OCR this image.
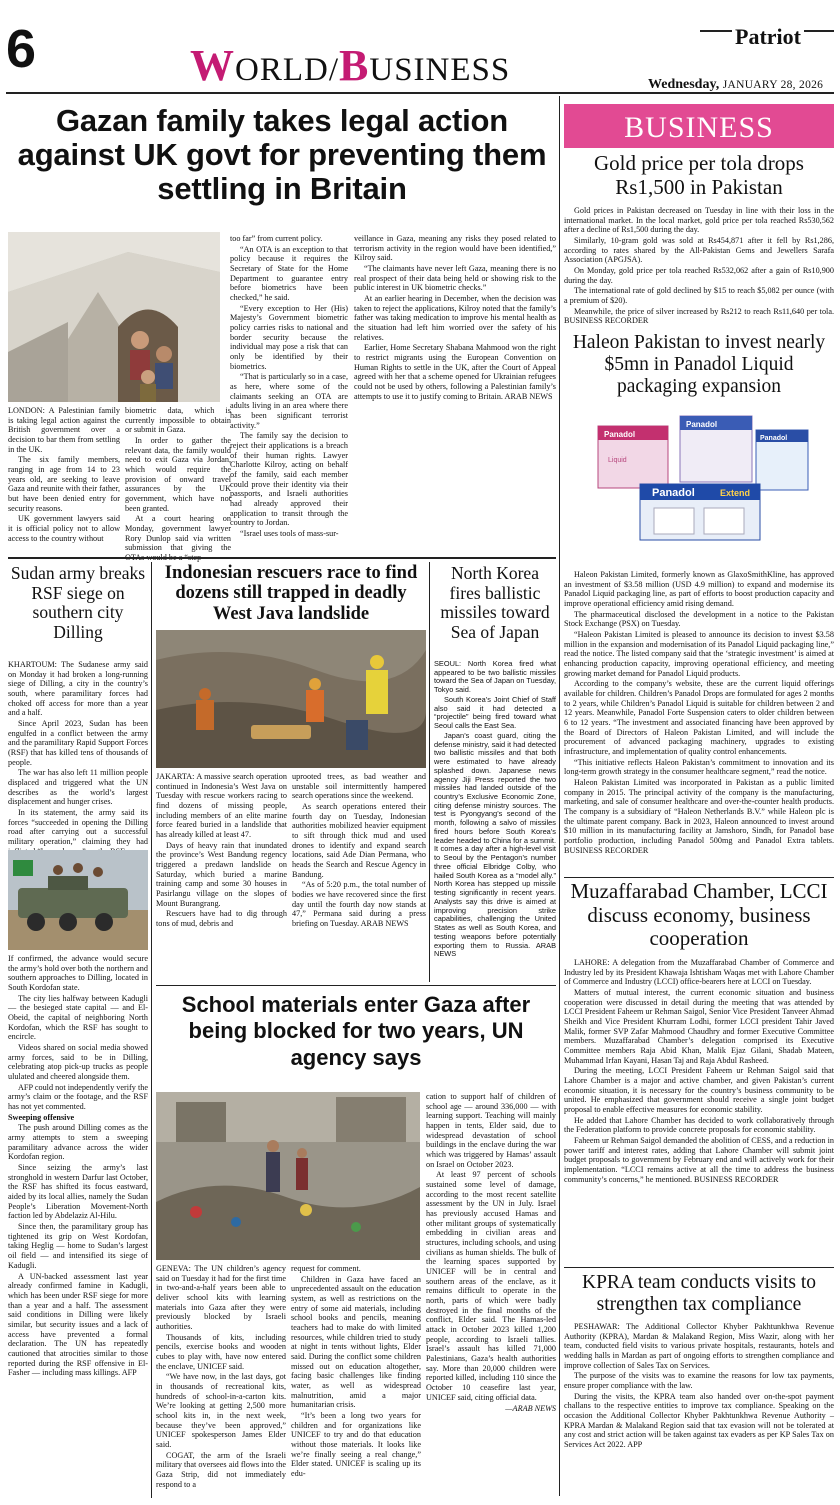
6	WORLD/BUSINESS
Patriot
Wednesday, JANUARY 28, 2026
Gazan family takes legal action against UK govt for preventing them settling in Britain

LONDON: A Palestinian family is taking legal action against the British government over a decision to bar them from settling in the UK.

The six family members, ranging in age from 14 to 23 years old, are seeking to leave Gaza and reunite with their father, but have been denied entry for security reasons.

UK government lawyers said it is official policy not to allow access to the country without

biometric data, which is currently impossible to obtain or submit in Gaza.

In order to gather the relevant data, the family would need to exit Gaza via Jordan, which would require the provision of onward travel assurances by the UK government, which have not been granted.

At a court hearing on Monday, government lawyer Rory Dunlop said via written submission that giving the

too far” from current policy.

“An OTA is an exception to that policy because it requires the Secretary of State for the Home Department to guarantee entry before biometrics have been checked,” he said.

“Every exception to Her (His) Majesty’s Government biometric policy carries risks to national and border security because the individual may pose a risk that can only be identified by their biometrics.

“That is particularly so in a case, as here, where some of the claimants seeking an OTA are adults living in an area where there has been significant terrorist activity.”

The family say the decision to reject their applications is a breach of their human rights. Lawyer Charlotte Kilroy, acting on behalf of the family, said each member could prove their identity via their passports, and Israeli authorities had already approved their application to transit through the country to Jordan.

“Israel uses tools of mass-sur-

veillance in Gaza, meaning any risks they posed related to terrorism activity in the region would have been identified,” Kilroy said.

“The claimants have never left Gaza, meaning there is no real prospect of their data being held or showing risk to the public interest in UK biometric checks.”

At an earlier hearing in December, when the decision was taken to reject the applications, Kilroy noted that the family’s father was taking medication to improve his mental health as the situation had left him worried over the safety of his relatives.

Earlier, Home Secretary Shabana Mahmood won the right to restrict migrants using the European Convention on Human Rights to settle in the UK, after the Court of Appeal agreed with her that a scheme opened for Ukrainian refugees could not be used by others, following a Palestinian family’s attempts to use it to justify coming to Britain. ARAB NEWS

Sudan army breaks RSF siege on southern city Dilling

KHARTOUM: The Sudanese army said on Monday it had broken a long-running siege of Dilling, a city in the country’s south, where paramilitary forces had choked off access for more than a year and a half.

Since April 2023, Sudan has been engulfed in a conflict between the army and the paramilitary Rapid Support Forces (RSF) that has killed tens of thousands of people.

The war has also left 11 million people displaced and triggered what the UN describes as the world’s largest displacement and hunger crises.

In its statement, the army said its forces “succeeded in opening the Dilling road after carrying out a successful military operation,” claiming they had

If confirmed, the advance would secure the army’s hold over both the northern and southern approaches to Dilling, located in South Kordofan state.

The city lies halfway between Kadugli — the besieged state capital — and El-Obeid, the capital of neighboring North Kordofan, which the RSF has sought to encircle.

Videos shared on social media showed army forces, said to be in Dilling, celebrating atop pick-up trucks as people ululated and cheered alongside them.

AFP could not independently verify the army’s claim or the footage, and the RSF has not yet commented.

Sweeping offensive

The push around Dilling comes as the army attempts to stem a sweeping paramilitary advance across the wider Kordofan region.

Since seizing the army’s last stronghold in western Darfur last October, the RSF has shifted its focus eastward, aided by its local allies, namely the Sudan People’s Liberation Movement-North faction led by Abdelaziz Al-Hilu.

Since then, the paramilitary group has tightened its grip on West Kordofan, taking Heglig — home to Sudan’s largest oil field — and intensified its siege of Kadugli.

A UN-backed assessment last year already confirmed famine in Kadugli, which has been under RSF siege for more than a year and a half. The assessment said conditions in Dilling were likely similar, but security issues and a lack of access have prevented a formal declaration. The UN has repeatedly cautioned that atrocities similar to those reported during the RSF offensive in El-Fasher — including mass killings. AFP

Indonesian rescuers race to find dozens still trapped in deadly West Java landslide

JAKARTA: A massive search operation continued in Indonesia’s West Java on Tuesday with rescue workers racing to find dozens of missing people, including members of an elite marine force feared buried in a landslide that has already killed at least 47.

Days of heavy rain that inundated the province’s West Bandung regency triggered a predawn landslide on Saturday, which buried a marine training camp and some 30 houses in Pasirlangu village on the slopes of Mount Burangrang.

Rescuers have had to dig through tons of mud, debris and

uprooted trees, as bad weather and unstable soil intermittently hampered search operations since the weekend.

As search operations entered their fourth day on Tuesday, Indonesian authorities mobilized heavier equipment to sift through thick mud and used drones to identify and expand search locations, said Ade Dian Permana, who heads the Search and Rescue Agency in Bandung.

“As of 5:20 p.m., the total number of bodies we have recovered since the first day until the fourth day now stands at 47,” Permana said during a press briefing on Tuesday. ARAB NEWS

North Korea fires ballistic missiles toward Sea of Japan

SEOUL: North Korea fired what appeared to be two ballistic missiles toward the Sea of Japan on Tuesday, Tokyo said.

South Korea’s Joint Chief of Staff also said it had detected a “projectile” being fired toward what Seoul calls the East Sea.

Japan’s coast guard, citing the defense ministry, said it had detected two ballistic missiles and that both were estimated to have already splashed down. Japanese news agency Jiji Press reported the two missiles had landed outside of the country’s Exclusive Economic Zone, citing defense ministry sources. The test is Pyongyang’s second of the month, following a salvo of missiles fired hours before South Korea’s leader headed to China for a summit. It comes a day after a high-level visit to Seoul by the Pentagon’s number three official Elbridge Colby, who hailed South Korea as a “model ally.” North Korea has stepped up missile testing significantly in recent years. Analysts say this drive is aimed at improving precision strike capabilities, challenging the United States as well as South Korea, and testing weapons before potentially exporting them to Russia. ARAB NEWS

School materials enter Gaza after being blocked for two years, UN agency says

GENEVA: The UN children’s agency said on Tuesday it had for the first time in two-and-a-half years been able to deliver school kits with learning materials into Gaza after they were previously blocked by Israeli authorities.

Thousands of kits, including pencils, exercise books and wooden cubes to play with, have now entered the enclave, UNICEF said.

“We have now, in the last days, got in thousands of recreational kits, hundreds of school-in-a-carton kits. We’re looking at getting 2,500 more school kits in, in the next week, because they’ve been approved,” UNICEF spokesperson James Elder said.

COGAT, the arm of the Israeli military that oversees aid flows into the Gaza Strip, did not immediately respond to a

request for comment.

Children in Gaza have faced an unprecedented assault on the education system, as well as restrictions on the entry of some aid materials, including school books and pencils, meaning teachers had to make do with limited resources, while children tried to study at night in tents without lights, Elder said. During the conflict some children missed out on education altogether, facing basic challenges like finding water, as well as widespread malnutrition, amid a major humanitarian crisis.

“It’s been a long two years for children and for organizations like UNICEF to try and do that education without those materials. It looks like we’re finally seeing a real change,” Elder stated. UNICEF is scaling up its edu-

cation to support half of children of school age — around 336,000 — with learning support. Teaching will mainly happen in tents, Elder said, due to widespread devastation of school buildings in the enclave during the war which was triggered by Hamas’ assault on Israel on October 2023.

At least 97 percent of schools sustained some level of damage, according to the most recent satellite assessment by the UN in July. Israel has previously accused Hamas and other militant groups of systematically embedding in civilian areas and structures, including schools, and using civilians as human shields. The bulk of the learning spaces supported by UNICEF will be in central and southern areas of the enclave, as it remains difficult to operate in the north, parts of which were badly destroyed in the final months of the conflict, Elder said. The Hamas-led attack in October 2023 killed 1,200 people, according to Israeli tallies. Israel’s assault has killed 71,000 Palestinians, Gaza’s health authorities say. More than 20,000 children were reported killed, including 110 since the October 10 ceasefire last year, UNICEF said, citing official data.

—ARAB NEWS

BUSINESS
Gold price per tola drops Rs1,500 in Pakistan

Gold prices in Pakistan decreased on Tuesday in line with their loss in the international market. In the local market, gold price per tola reached Rs530,562 after a decline of Rs1,500 during the day.

Similarly, 10-gram gold was sold at Rs454,871 after it fell by Rs1,286, according to rates shared by the All-Pakistan Gems and Jewellers Sarafa Association (APGJSA).

On Monday, gold price per tola reached Rs532,062 after a gain of Rs10,900 during the day.

The international rate of gold declined by $15 to reach $5,082 per ounce (with a premium of $20).

Meanwhile, the price of silver increased by Rs212 to reach Rs11,640 per tola. BUSINESS RECORDER

Haleon Pakistan to invest nearly $5mn in Panadol Liquid packaging expansion
Panadol	Extend
Panadol
Panadol
Panadol
Liquid

Haleon Pakistan Limited, formerly known as GlaxoSmithKline, has approved an investment of $3.58 million (USD 4.9 million) to expand and modernise its Panadol Liquid packaging line, as part of efforts to boost production capacity and improve operational efficiency amid rising demand.

The pharmaceutical disclosed the development in a notice to the Pakistan Stock Exchange (PSX) on Tuesday.

“Haleon Pakistan Limited is pleased to announce its decision to invest $3.58 million in the expansion and modernisation of its Panadol Liquid packaging line,” read the notice. The listed company said that the ‘strategic investment’ is aimed at enhancing production capacity, improving operational efficiency, and meeting growing market demand for Panadol Liquid products.

According to the company’s website, these are the current liquid offerings available for children. Children’s Panadol Drops are formulated for ages 2 months to 2 years, while Children’s Panadol Liquid is suitable for children between 2 and 12 years. Meanwhile, Panadol Forte Suspension caters to older children between 6 to 12 years. “The investment and associated financing have been approved by the Board of Directors of Haleon Pakistan Limited, and will include the procurement of advanced packaging machinery, upgrades to existing infrastructure, and implementation of quality control enhancements.

“This initiative reflects Haleon Pakistan’s commitment to innovation and its long-term growth strategy in the consumer healthcare segment,” read the notice.

Haleon Pakistan Limited was incorporated in Pakistan as a public limited company in 2015. The principal activity of the company is the manufacturing, marketing, and sale of consumer healthcare and over-the-counter health products. The company is a subsidiary of “Haleon Netherlands B.V.” while Haleon plc is the ultimate parent company. Back in 2023, Haleon announced to invest around $10 million in its manufacturing facility at Jamshoro, Sindh, for Panadol base portfolio production, including Panadol 500mg and Panadol Extra tablets. BUSINESS RECORDER

Muzaffarabad Chamber, LCCI discuss economy, business cooperation

LAHORE: A delegation from the Muzaffarabad Chamber of Commerce and Industry led by its President Khawaja Ishtisham Waqas met with Lahore Chamber of Commerce and Industry (LCCI) office-bearers here at LCCI on Tuesday.

Matters of mutual interest, the current economic situation and business cooperation were discussed in detail during the meeting that was attended by LCCI President Faheem ur Rehman Saigol, Senior Vice President Tanveer Ahmad Sheikh and Vice President Khurram Lodhi, former LCCI president Tahir Javed Malik, former SVP Zafar Mahmood Chaudhry and former Executive Committee members. Muzaffarabad Chamber’s delegation comprised its Executive Committee members Raja Abid Khan, Malik Ejaz Gilani, Shadab Mateen, Muhammad Irfan Kayani, Hasan Taj and Raja Abdul Rasheed.

During the meeting, LCCI President Faheem ur Rehman Saigol said that Lahore Chamber is a major and active chamber, and given Pakistan’s current economic situation, it is necessary for the country’s business community to be united. He emphasized that government should receive a single joint budget proposal to enable effective measures for economic stability.

He added that Lahore Chamber has decided to work collaboratively through the Federation platform to provide concrete proposals for economic stability.

Faheem ur Rehman Saigol demanded the abolition of CESS, and a reduction in power tariff and interest rates, adding that Lahore Chamber will submit joint budget proposals to government by February end and will actively work for their implementation. “LCCI remains active at all the time to address the business community’s concerns,” he mentioned. BUSINESS RECORDER

KPRA team conducts visits to strengthen tax compliance

PESHAWAR: The Additional Collector Khyber Pakhtunkhwa Revenue Authority (KPRA), Mardan & Malakand Region, Miss Wazir, along with her team, conducted field visits to various private hospitals, restaurants, hotels and wedding halls in Mardan as part of ongoing efforts to strengthen compliance and improve collection of Sales Tax on Services.

The purpose of the visits was to examine the reasons for low tax payments, ensure proper compliance with the law.

During the visits, the KPRA team also handed over on-the-spot payment challans to the respective entities to improve tax compliance. Speaking on the occasion the Additional Collector Khyber Pakhtunkhwa Revenue Authority – KPRA Mardan & Malakand Region said that tax evasion will not be tolerated at any cost and strict action will be taken against tax evaders as per KP Sales Tax on Services Act 2022. APP
